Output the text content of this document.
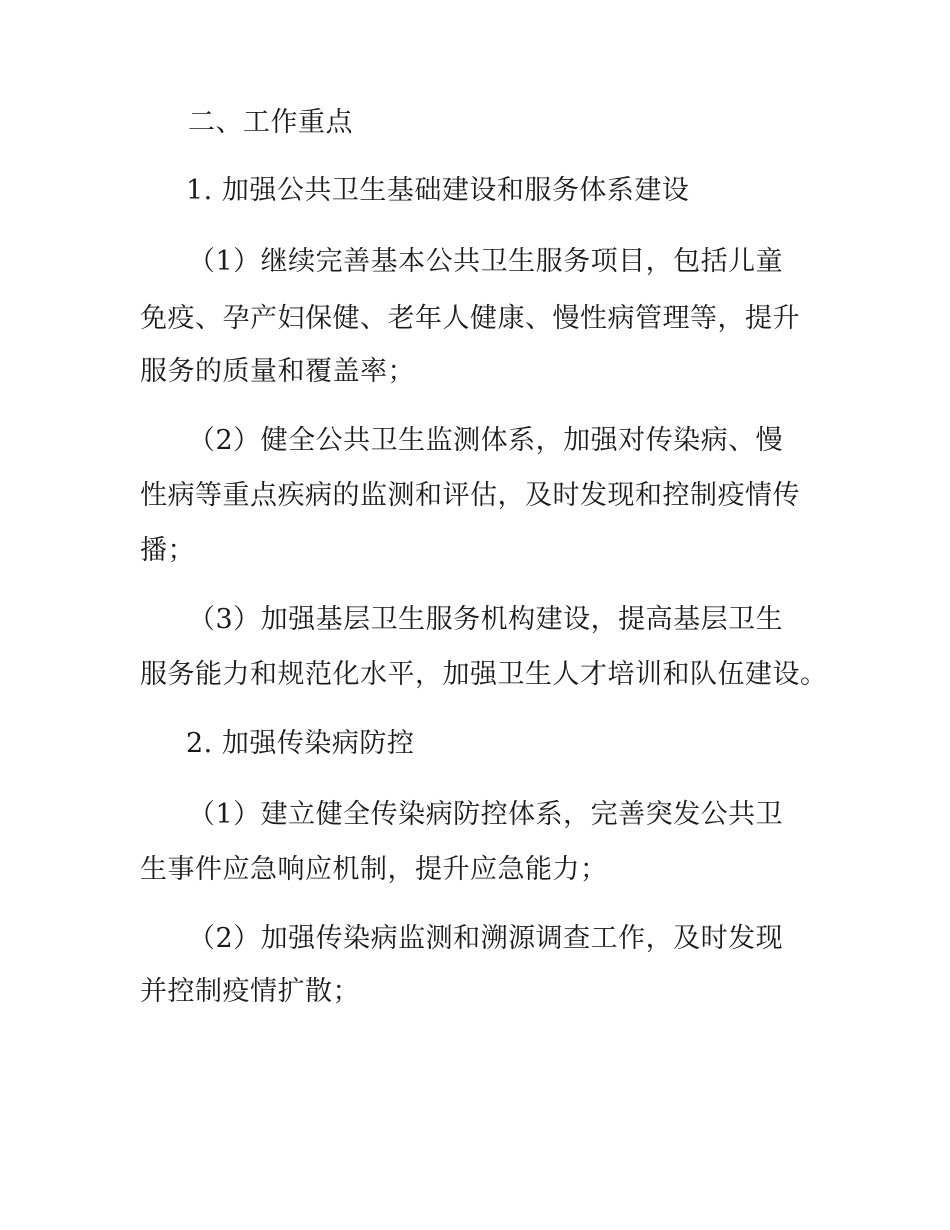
二、工作重点
1. 加强公共卫生基础建设和服务体系建设
（1）继续完善基本公共卫生服务项目，包括儿童
免疫、孕产妇保健、老年人健康、慢性病管理等，提升
服务的质量和覆盖率；
（2）健全公共卫生监测体系，加强对传染病、慢
性病等重点疾病的监测和评估，及时发现和控制疫情传
播；
（3）加强基层卫生服务机构建设，提高基层卫生
服务能力和规范化水平，加强卫生人才培训和队伍建设。
2. 加强传染病防控
（1）建立健全传染病防控体系，完善突发公共卫
生事件应急响应机制，提升应急能力；
（2）加强传染病监测和溯源调查工作，及时发现
并控制疫情扩散；
